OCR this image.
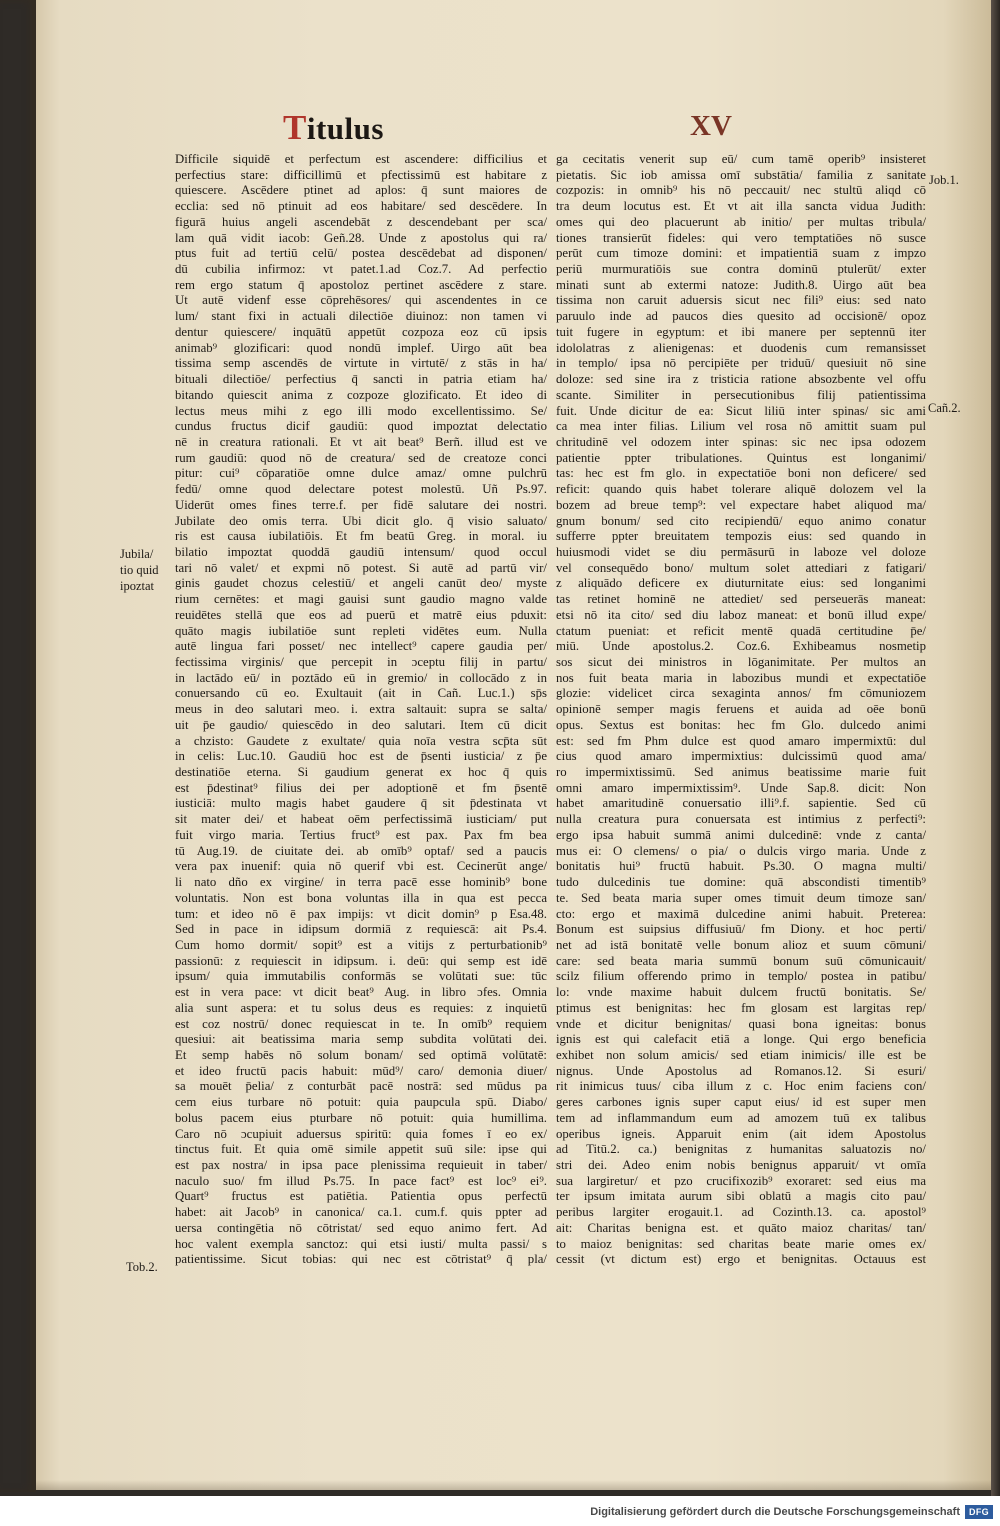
Titulus	XV
Difficile siquidē et perfectum est ascendere: difficilius et
perfectius stare: difficillimū et pfectissimū est habitare z
quiescere. Ascēdere ptinet ad aplos: q̄ sunt maiores de
ecclia: sed nō ptinuit ad eos habitare/ sed descēdere. In
figurā huius angeli ascendebāt z descendebant per sca/
lam quā vidit iacob: Geñ.28. Unde z apostolus qui ra/
ptus fuit ad tertiū celū/ postea descēdebat ad disponen/
dū cubilia infirmoz: vt patet.1.ad Coz.7. Ad perfectio
rem ergo statum q̄ apostoloz pertinet ascēdere z stare.
Ut autē videnf esse cōprehēsores/ qui ascendentes in ce
lum/ stant fixi in actuali dilectiōe diuinoz: non tamen vi
dentur quiescere/ inquātū appetūt cozpoza eoz cū ipsis
animab⁹ glozificari: quod nondū implef. Uirgo aūt bea
tissima semp ascendēs de virtute in virtutē/ z stās in ha/
bituali dilectiōe/ perfectius q̄ sancti in patria etiam ha/
bitando quiescit anima z cozpoze glozificato. Et ideo di
lectus meus mihi z ego illi modo excellentissimo. Se/
cundus fructus dicif gaudiū: quod impoztat delectatio
nē in creatura rationali. Et vt ait beat⁹ Berñ. illud est ve
rum gaudiū: quod nō de creatura/ sed de creatoze conci
pitur: cui⁹ cōparatiōe omne dulce amaz/ omne pulchrū
fedū/ omne quod delectare potest molestū. Uñ Ps.97.
Uiderūt omes fines terre.f. per fidē salutare dei nostri.
Jubilate deo omis terra. Ubi dicit glo. q̄ visio saluato/
ris est causa iubilatiōis. Et fm beatū Greg. in moral. iu
bilatio impoztat quoddā gaudiū intensum/ quod occul
tari nō valet/ et expmi nō potest. Si autē ad partū vir/
ginis gaudet chozus celestiū/ et angeli canūt deo/ myste
rium cernētes: et magi gauisi sunt gaudio magno valde
reuidētes stellā que eos ad puerū et matrē eius pduxit:
quāto magis iubilatiōe sunt repleti vidētes eum. Nulla
autē lingua fari posset/ nec intellect⁹ capere gaudia per/
fectissima virginis/ que percepit in ɔceptu filij in partu/
in lactādo eū/ in poztādo eū in gremio/ in collocādo z in
conuersando cū eo. Exultauit (ait in Cañ. Luc.1.) sp̄s
meus in deo salutari meo. i. extra saltauit: supra se salta/
uit p̄e gaudio/ quiescēdo in deo salutari. Item cū dicit
a chzisto: Gaudete z exultate/ quia noīa vestra scp̄ta sūt
in celis: Luc.10. Gaudiū hoc est de p̄senti iusticia/ z p̄e
destinatiōe eterna. Si gaudium generat ex hoc q̄ quis
est p̄destinat⁹ filius dei per adoptionē et fm p̄sentē
iusticiā: multo magis habet gaudere q̄ sit p̄destinata vt
sit mater dei/ et habeat oēm perfectissimā iusticiam/ put
fuit virgo maria. Tertius fruct⁹ est pax. Pax fm bea
tū Aug.19. de ciuitate dei. ab omīb⁹ optaf/ sed a paucis
vera pax inuenif: quia nō querif vbi est. Cecinerūt ange/
li nato dño ex virgine/ in terra pacē esse hominib⁹ bone
voluntatis. Non est bona voluntas illa in qua est pecca
tum: et ideo nō ē pax impijs: vt dicit domin⁹ p Esa.48.
Sed in pace in idipsum dormiā z requiescā: ait Ps.4.
Cum homo dormit/ sopit⁹ est a vitijs z perturbationib⁹
passionū: z requiescit in idipsum. i. deū: qui semp est idē
ipsum/ quia immutabilis conformās se volūtati sue: tūc
est in vera pace: vt dicit beat⁹ Aug. in libro ɔfes. Omnia
alia sunt aspera: et tu solus deus es requies: z inquietū
est coz nostrū/ donec requiescat in te. In omīb⁹ requiem
quesiui: ait beatissima maria semp subdita volūtati dei.
Et semp habēs nō solum bonam/ sed optimā volūtatē:
et ideo fructū pacis habuit: mūd⁹/ caro/ demonia diuer/
sa mouēt p̄elia/ z conturbāt pacē nostrā: sed mūdus pa
cem eius turbare nō potuit: quia paupcula spū. Diabo/
bolus pacem eius pturbare nō potuit: quia humillima.
Caro nō ɔcupiuit aduersus spiritū: quia fomes ī eo ex/
tinctus fuit. Et quia omē simile appetit suū sile: ipse qui
est pax nostra/ in ipsa pace plenissima requieuit in taber/
naculo suo/ fm illud Ps.75. In pace fact⁹ est loc⁹ ei⁹.
Quart⁹ fructus est patiētia. Patientia opus perfectū
habet: ait Jacob⁹ in canonica/ ca.1. cum.f. quis ppter ad
uersa contingētia nō cōtristat/ sed equo animo fert. Ad
hoc valent exempla sanctoz: qui etsi iusti/ multa passi/ s
patientissime. Sicut tobias: qui nec est cōtristat⁹ q̄ pla/
ga cecitatis venerit sup eū/ cum tamē operib⁹ insisteret
pietatis. Sic iob amissa omī substātia/ familia z sanitate
cozpozis: in omnib⁹ his nō peccauit/ nec stultū aliqd cō
tra deum locutus est. Et vt ait illa sancta vidua Judith:
omes qui deo placuerunt ab initio/ per multas tribula/
tiones transierūt fideles: qui vero temptatiōes nō susce
perūt cum timoze domini: et impatientiā suam z impzo
periū murmuratiōis sue contra dominū ptulerūt/ exter
minati sunt ab extermi natoze: Judith.8. Uirgo aūt bea
tissima non caruit aduersis sicut nec fili⁹ eius: sed nato
paruulo inde ad paucos dies quesito ad occisionē/ opoz
tuit fugere in egyptum: et ibi manere per septennū iter
idololatras z alienigenas: et duodenis cum remansisset
in templo/ ipsa nō percipiēte per triduū/ quesiuit nō sine
doloze: sed sine ira z tristicia ratione absozbente vel offu
scante. Similiter in persecutionibus filij patientissima
fuit. Unde dicitur de ea: Sicut liliū inter spinas/ sic ami
ca mea inter filias. Lilium vel rosa nō amittit suam pul
chritudinē vel odozem inter spinas: sic nec ipsa odozem
patientie ppter tribulationes. Quintus est longanimi/
tas: hec est fm glo. in expectatiōe boni non deficere/ sed
reficit: quando quis habet tolerare aliquē dolozem vel la
bozem ad breue temp⁹: vel expectare habet aliquod ma/
gnum bonum/ sed cito recipiendū/ equo animo conatur
sufferre ppter breuitatem tempozis eius: sed quando in
huiusmodi videt se diu permāsurū in laboze vel doloze
vel consequēdo bono/ multum solet attediari z fatigari/
z aliquādo deficere ex diuturnitate eius: sed longanimi
tas retinet hominē ne attediet/ sed perseuerās maneat:
etsi nō ita cito/ sed diu laboz maneat: et bonū illud expe/
ctatum pueniat: et reficit mentē quadā certitudine p̄e/
miū. Unde apostolus.2. Coz.6. Exhibeamus nosmetip
sos sicut dei ministros in lōganimitate. Per multos an
nos fuit beata maria in labozibus mundi et expectatiōe
glozie: videlicet circa sexaginta annos/ fm cōmuniozem
opinionē semper magis feruens et auida ad oēe bonū
opus. Sextus est bonitas: hec fm Glo. dulcedo animi
est: sed fm Phm dulce est quod amaro impermixtū: dul
cius quod amaro impermixtius: dulcissimū quod ama/
ro impermixtissimū. Sed animus beatissime marie fuit
omni amaro impermixtissim⁹. Unde Sap.8. dicit: Non
habet amaritudinē conuersatio illi⁹.f. sapientie. Sed cū
nulla creatura pura conuersata est intimius z perfecti⁹:
ergo ipsa habuit summā animi dulcedinē: vnde z canta/
mus ei: O clemens/ o pia/ o dulcis virgo maria. Unde z
bonitatis hui⁹ fructū habuit. Ps.30. O magna multi/
tudo dulcedinis tue domine: quā abscondisti timentib⁹
te. Sed beata maria super omes timuit deum timoze san/
cto: ergo et maximā dulcedine animi habuit. Preterea:
Bonum est suipsius diffusiuū/ fm Diony. et hoc perti/
net ad istā bonitatē velle bonum alioz et suum cōmuni/
care: sed beata maria summū bonum suū cōmunicauit/
scilz filium offerendo primo in templo/ postea in patibu/
lo: vnde maxime habuit dulcem fructū bonitatis. Se/
ptimus est benignitas: hec fm glosam est largitas rep/
vnde et dicitur benignitas/ quasi bona igneitas: bonus
ignis est qui calefacit etiā a longe. Qui ergo beneficia
exhibet non solum amicis/ sed etiam inimicis/ ille est be
nignus. Unde Apostolus ad Romanos.12. Si esuri/
rit inimicus tuus/ ciba illum z c. Hoc enim faciens con/
geres carbones ignis super caput eius/ id est super men
tem ad inflammandum eum ad amozem tuū ex talibus
operibus igneis. Apparuit enim (ait idem Apostolus
ad Titū.2. ca.) benignitas z humanitas saluatozis no/
stri dei. Adeo enim nobis benignus apparuit/ vt omīa
sua largiretur/ et pzo crucifixozib⁹ exoraret: sed eius ma
ter ipsum imitata aurum sibi oblatū a magis cito pau/
peribus largiter erogauit.1. ad Cozinth.13. ca. apostol⁹
ait: Charitas benigna est. et quāto maioz charitas/ tan/
to maioz benignitas: sed charitas beate marie omes ex/
cessit (vt dictum est) ergo et benignitas. Octauus est
Jubila/
tio quid
ipoztat
Tob.2.
Job.1.
Cañ.2.
Digitalisierung gefördert durch die Deutsche Forschungsgemeinschaft	DFG
